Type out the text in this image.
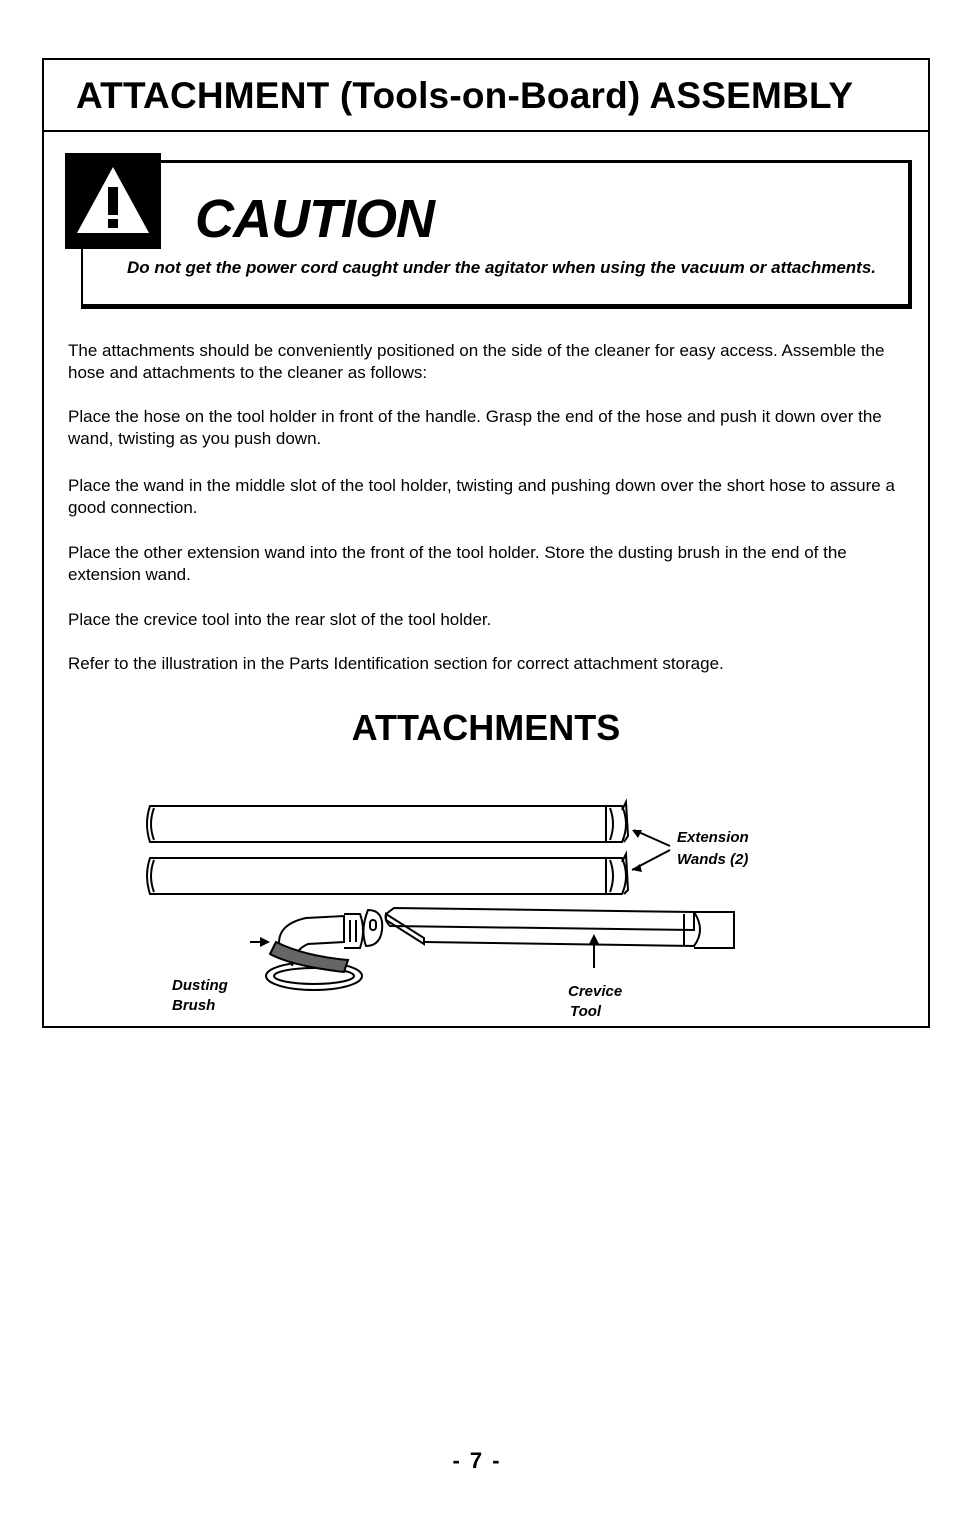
ATTACHMENT (Tools-on-Board) ASSEMBLY
CAUTION
Do not get the power cord caught under the agitator when using the vacuum or attachments.

The attachments should be conveniently positioned on the side of the cleaner for easy access. Assemble the hose and attachments to the cleaner as follows:

Place the hose on the tool holder in front of the handle. Grasp the end of the hose and push it down over the wand, twisting as you push down.

Place the wand in the middle slot of the tool holder, twisting and pushing down over the short hose to assure a good connection.

Place the other extension wand into the front of the tool holder. Store the dusting brush in the end of the extension wand.

Place the crevice tool into the rear slot of the tool holder.

Refer to the illustration in the Parts Identification section for correct attachment storage.

ATTACHMENTS
Extension
Wands (2)
Dusting
Brush
Crevice
Tool
- 7 -
